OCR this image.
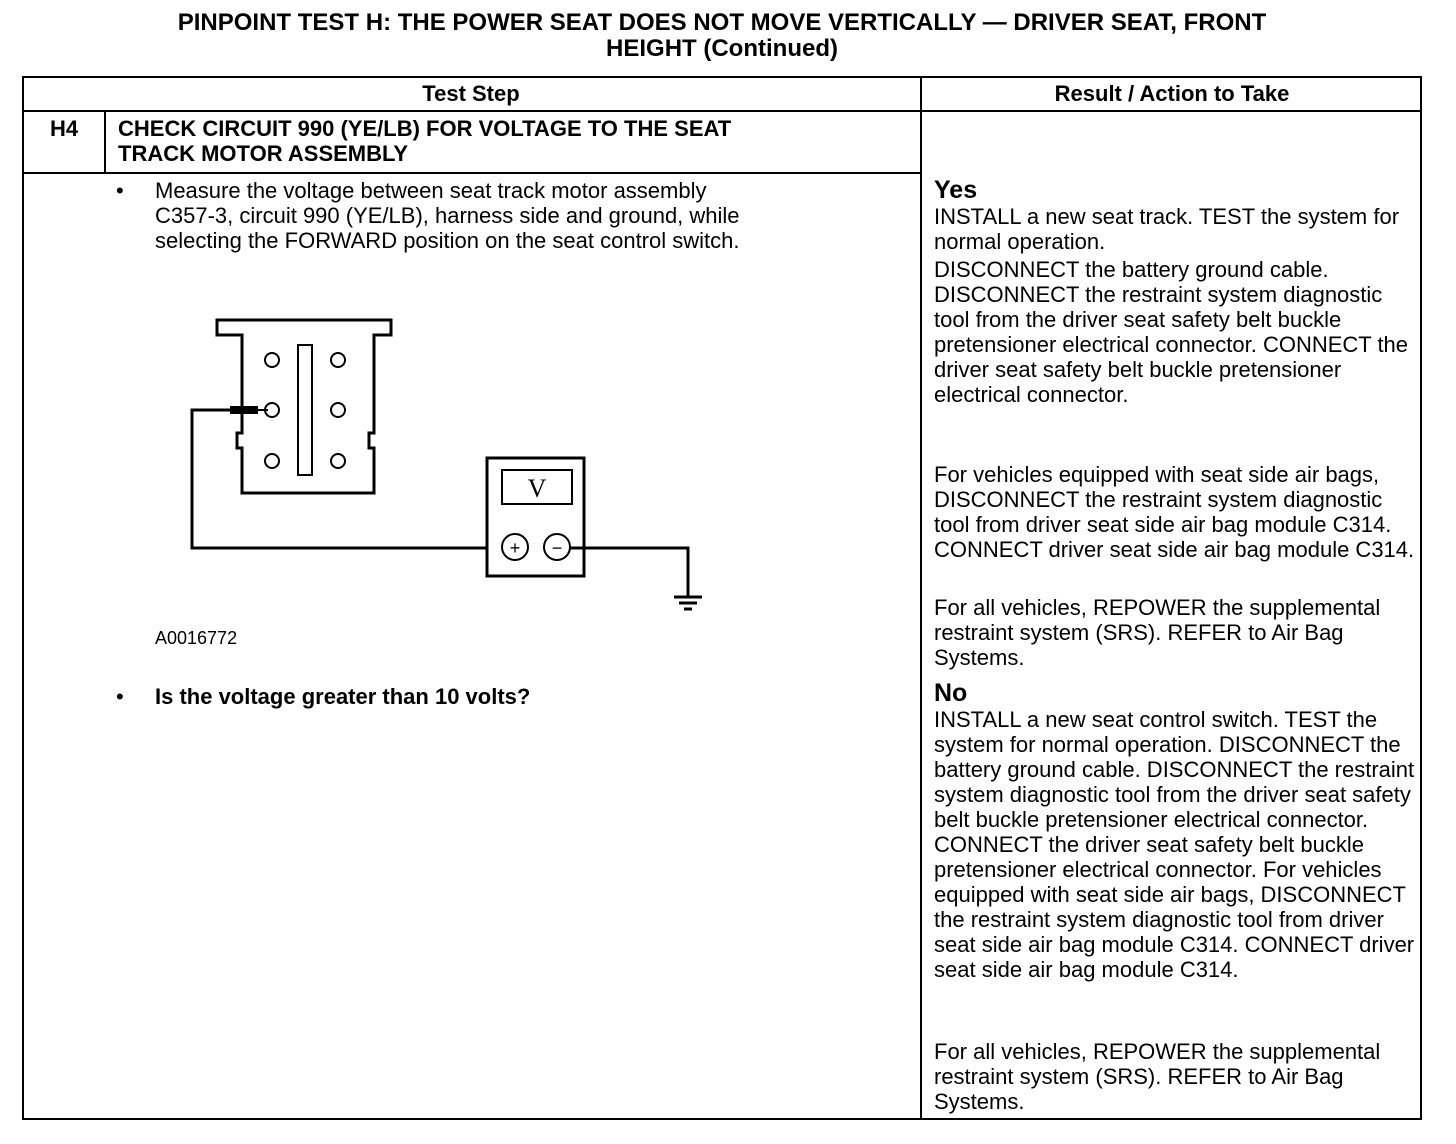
PINPOINT TEST H: THE POWER SEAT DOES NOT MOVE VERTICALLY — DRIVER SEAT, FRONT
HEIGHT (Continued)
Test Step	Result / Action to Take
H4	CHECK CIRCUIT 990 (YE/LB) FOR VOLTAGE TO THE SEAT
TRACK MOTOR ASSEMBLY
• Measure the voltage between seat track motor assembly
C357-3, circuit 990 (YE/LB), harness side and ground, while
selecting the FORWARD position on the seat control switch.
V
+ −
A0016772
• Is the voltage greater than 10 volts?
Yes
INSTALL a new seat track. TEST the system for normal operation.
DISCONNECT the battery ground cable. DISCONNECT the restraint system diagnostic tool from the driver seat safety belt buckle pretensioner electrical connector. CONNECT the driver seat safety belt buckle pretensioner electrical connector.
For vehicles equipped with seat side air bags, DISCONNECT the restraint system diagnostic tool from driver seat side air bag module C314. CONNECT driver seat side air bag module C314.
For all vehicles, REPOWER the supplemental restraint system (SRS). REFER to Air Bag Systems.
No
INSTALL a new seat control switch. TEST the system for normal operation. DISCONNECT the battery ground cable. DISCONNECT the restraint system diagnostic tool from the driver seat safety belt buckle pretensioner electrical connector. CONNECT the driver seat safety belt buckle pretensioner electrical connector. For vehicles equipped with seat side air bags, DISCONNECT the restraint system diagnostic tool from driver seat side air bag module C314. CONNECT driver seat side air bag module C314.
For all vehicles, REPOWER the supplemental restraint system (SRS). REFER to Air Bag Systems.
